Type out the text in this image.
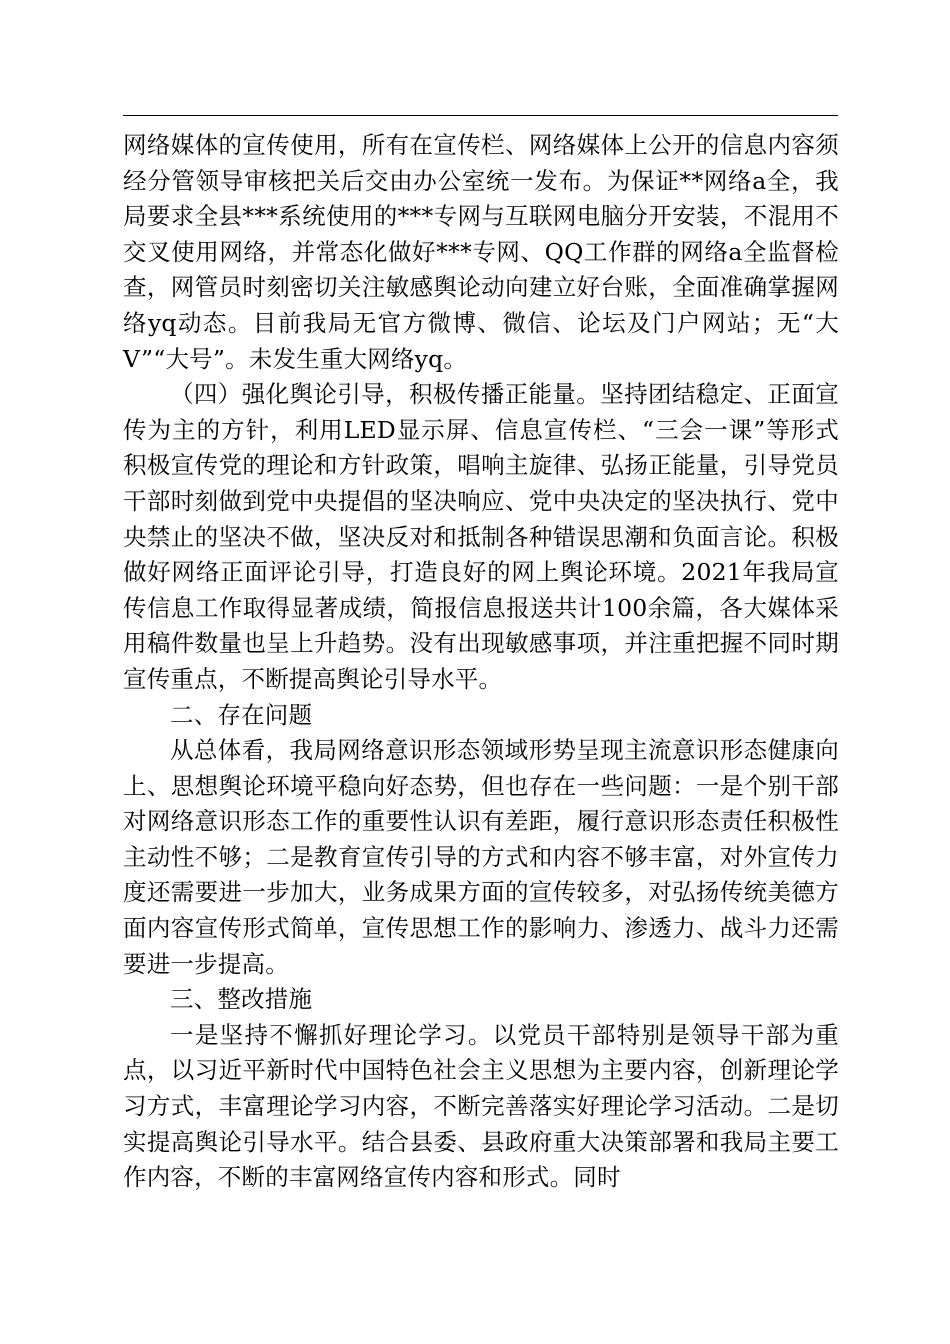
网络媒体的宣传使用，所有在宣传栏、网络媒体上公开的信息内容须经分管领导审核把关后交由办公室统一发布。为保证**网络a全，我局要求全县***系统使用的***专网与互联网电脑分开安装，不混用不交叉使用网络，并常态化做好***专网、QQ工作群的网络a全监督检查，网管员时刻密切关注敏感舆论动向建立好台账，全面准确掌握网络yq动态。目前我局无官方微博、微信、论坛及门户网站；无“大V”“大号”。未发生重大网络yq。

（四）强化舆论引导，积极传播正能量。坚持团结稳定、正面宣传为主的方针，利用LED显示屏、信息宣传栏、“三会一课”等形式积极宣传党的理论和方针政策，唱响主旋律、弘扬正能量，引导党员干部时刻做到党中央提倡的坚决响应、党中央决定的坚决执行、党中央禁止的坚决不做，坚决反对和抵制各种错误思潮和负面言论。积极做好网络正面评论引导，打造良好的网上舆论环境。2021年我局宣传信息工作取得显著成绩，简报信息报送共计100余篇，各大媒体采用稿件数量也呈上升趋势。没有出现敏感事项，并注重把握不同时期宣传重点，不断提高舆论引导水平。

二、存在问题

从总体看，我局网络意识形态领域形势呈现主流意识形态健康向上、思想舆论环境平稳向好态势，但也存在一些问题：一是个别干部对网络意识形态工作的重要性认识有差距，履行意识形态责任积极性主动性不够；二是教育宣传引导的方式和内容不够丰富，对外宣传力度还需要进一步加大，业务成果方面的宣传较多，对弘扬传统美德方面内容宣传形式简单，宣传思想工作的影响力、渗透力、战斗力还需要进一步提高。

三、整改措施

一是坚持不懈抓好理论学习。以党员干部特别是领导干部为重点，以习近平新时代中国特色社会主义思想为主要内容，创新理论学习方式，丰富理论学习内容，不断完善落实好理论学习活动。二是切实提高舆论引导水平。结合县委、县政府重大决策部署和我局主要工作内容，不断的丰富网络宣传内容和形式。同时
